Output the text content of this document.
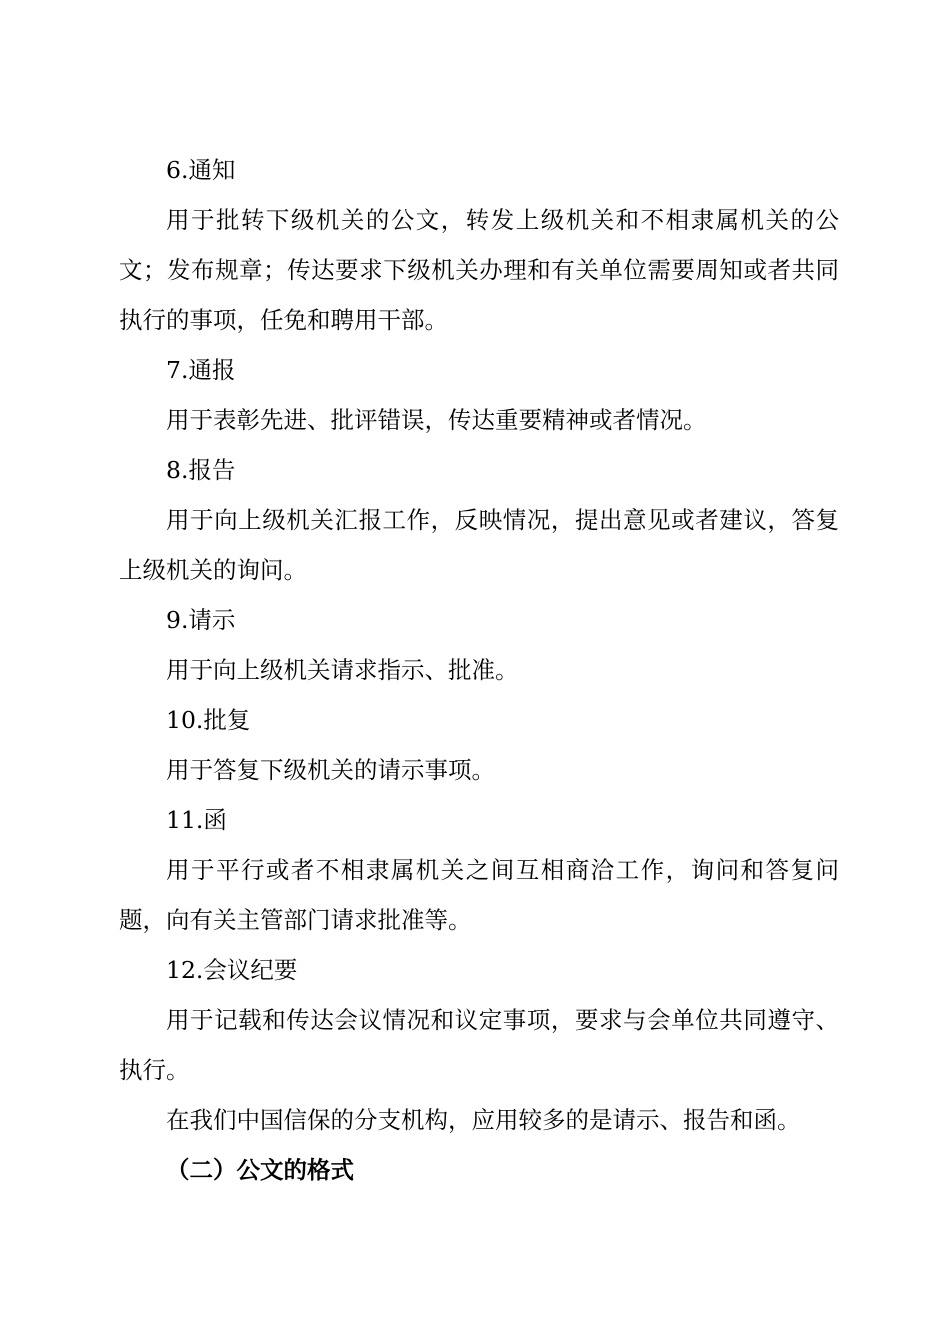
6.通知

用于批转下级机关的公文，转发上级机关和不相隶属机关的公文；发布规章；传达要求下级机关办理和有关单位需要周知或者共同执行的事项，任免和聘用干部。

7.通报

用于表彰先进、批评错误，传达重要精神或者情况。

8.报告

用于向上级机关汇报工作，反映情况，提出意见或者建议，答复上级机关的询问。

9.请示

用于向上级机关请求指示、批准。

10.批复

用于答复下级机关的请示事项。

11.函

用于平行或者不相隶属机关之间互相商洽工作，询问和答复问题，向有关主管部门请求批准等。

12.会议纪要

用于记载和传达会议情况和议定事项，要求与会单位共同遵守、执行。

在我们中国信保的分支机构，应用较多的是请示、报告和函。

（二）公文的格式
